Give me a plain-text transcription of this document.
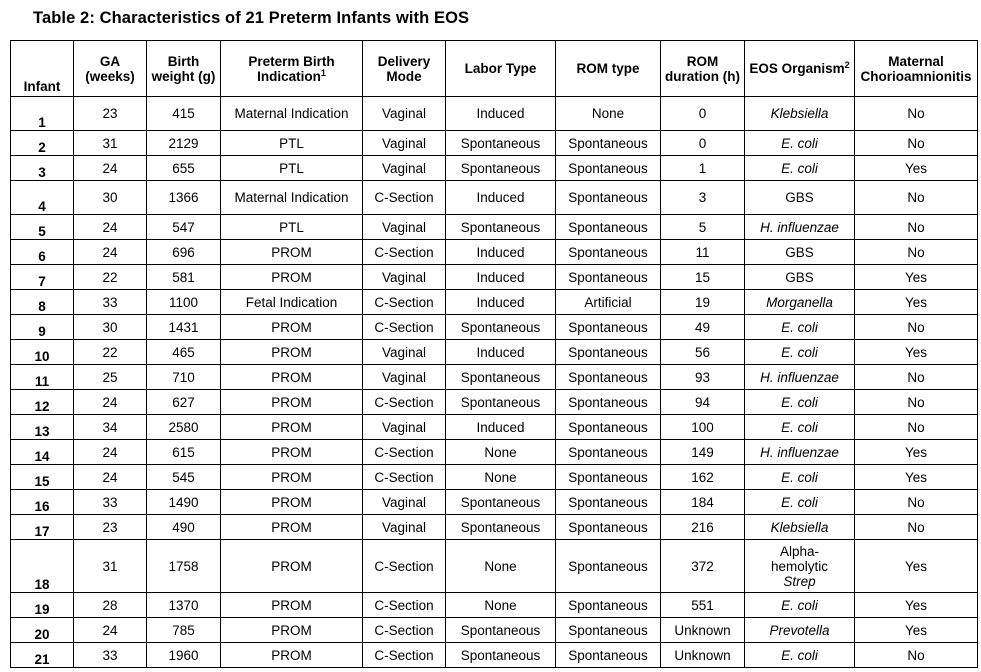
Table 2: Characteristics of 21 Preterm Infants with EOS
Infant	GA (weeks)	Birth weight (g)	Preterm Birth Indication$^1$	Delivery Mode	Labor Type	ROM type	ROM duration (h)	EOS Organism$^2$	Maternal Chorioamnionitis
1	23	415	Maternal Indication	Vaginal	Induced	None	0	Klebsiella	No
2	31	2129	PTL	Vaginal	Spontaneous	Spontaneous	0	E. coli	No
3	24	655	PTL	Vaginal	Spontaneous	Spontaneous	1	E. coli	Yes
4	30	1366	Maternal Indication	C-Section	Induced	Spontaneous	3	GBS	No
5	24	547	PTL	Vaginal	Spontaneous	Spontaneous	5	H. influenzae	No
6	24	696	PROM	C-Section	Induced	Spontaneous	11	GBS	No
7	22	581	PROM	Vaginal	Induced	Spontaneous	15	GBS	Yes
8	33	1100	Fetal Indication	C-Section	Induced	Artificial	19	Morganella	Yes
9	30	1431	PROM	C-Section	Spontaneous	Spontaneous	49	E. coli	No
10	22	465	PROM	Vaginal	Induced	Spontaneous	56	E. coli	Yes
11	25	710	PROM	Vaginal	Spontaneous	Spontaneous	93	H. influenzae	No
12	24	627	PROM	C-Section	Spontaneous	Spontaneous	94	E. coli	No
13	34	2580	PROM	Vaginal	Induced	Spontaneous	100	E. coli	No
14	24	615	PROM	C-Section	None	Spontaneous	149	H. influenzae	Yes
15	24	545	PROM	C-Section	None	Spontaneous	162	E. coli	Yes
16	33	1490	PROM	Vaginal	Spontaneous	Spontaneous	184	E. coli	No
17	23	490	PROM	Vaginal	Spontaneous	Spontaneous	216	Klebsiella	No
18	31	1758	PROM	C-Section	None	Spontaneous	372	Alpha-
hemolytic
Strep	Yes
19	28	1370	PROM	C-Section	None	Spontaneous	551	E. coli	Yes
20	24	785	PROM	C-Section	Spontaneous	Spontaneous	Unknown	Prevotella	Yes
21	33	1960	PROM	C-Section	Spontaneous	Spontaneous	Unknown	E. coli	No
